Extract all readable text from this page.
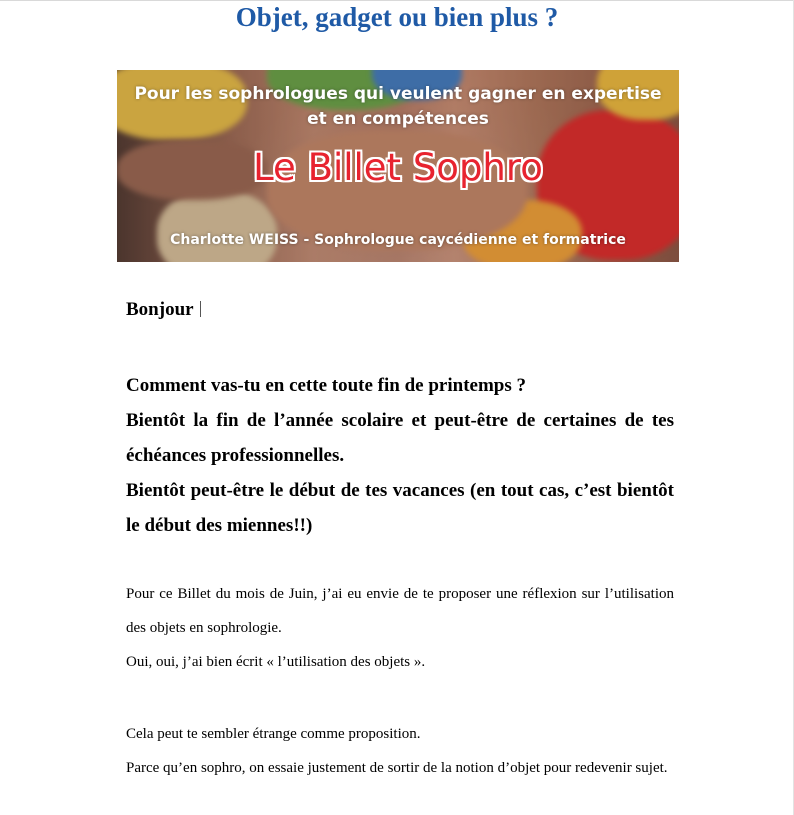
Objet, gadget ou bien plus ?
Pour les sophrologues qui veulent gagner en expertise
et en compétences
Le Billet Sophro
Charlotte WEISS - Sophrologue caycédienne et formatrice
Bonjour

Comment vas-tu en cette toute fin de printemps ?

Bientôt la fin de l’année scolaire et peut-être de certaines de tes échéances professionnelles.

Bientôt peut-être le début de tes vacances (en tout cas, c’est bientôt le début des miennes!!)

Pour ce Billet du mois de Juin, j’ai eu envie de te proposer une réflexion sur l’utilisation des objets en sophrologie.

Oui, oui, j’ai bien écrit « l’utilisation des objets ».

Cela peut te sembler étrange comme proposition.

Parce qu’en sophro, on essaie justement de sortir de la notion d’objet pour redevenir sujet.
